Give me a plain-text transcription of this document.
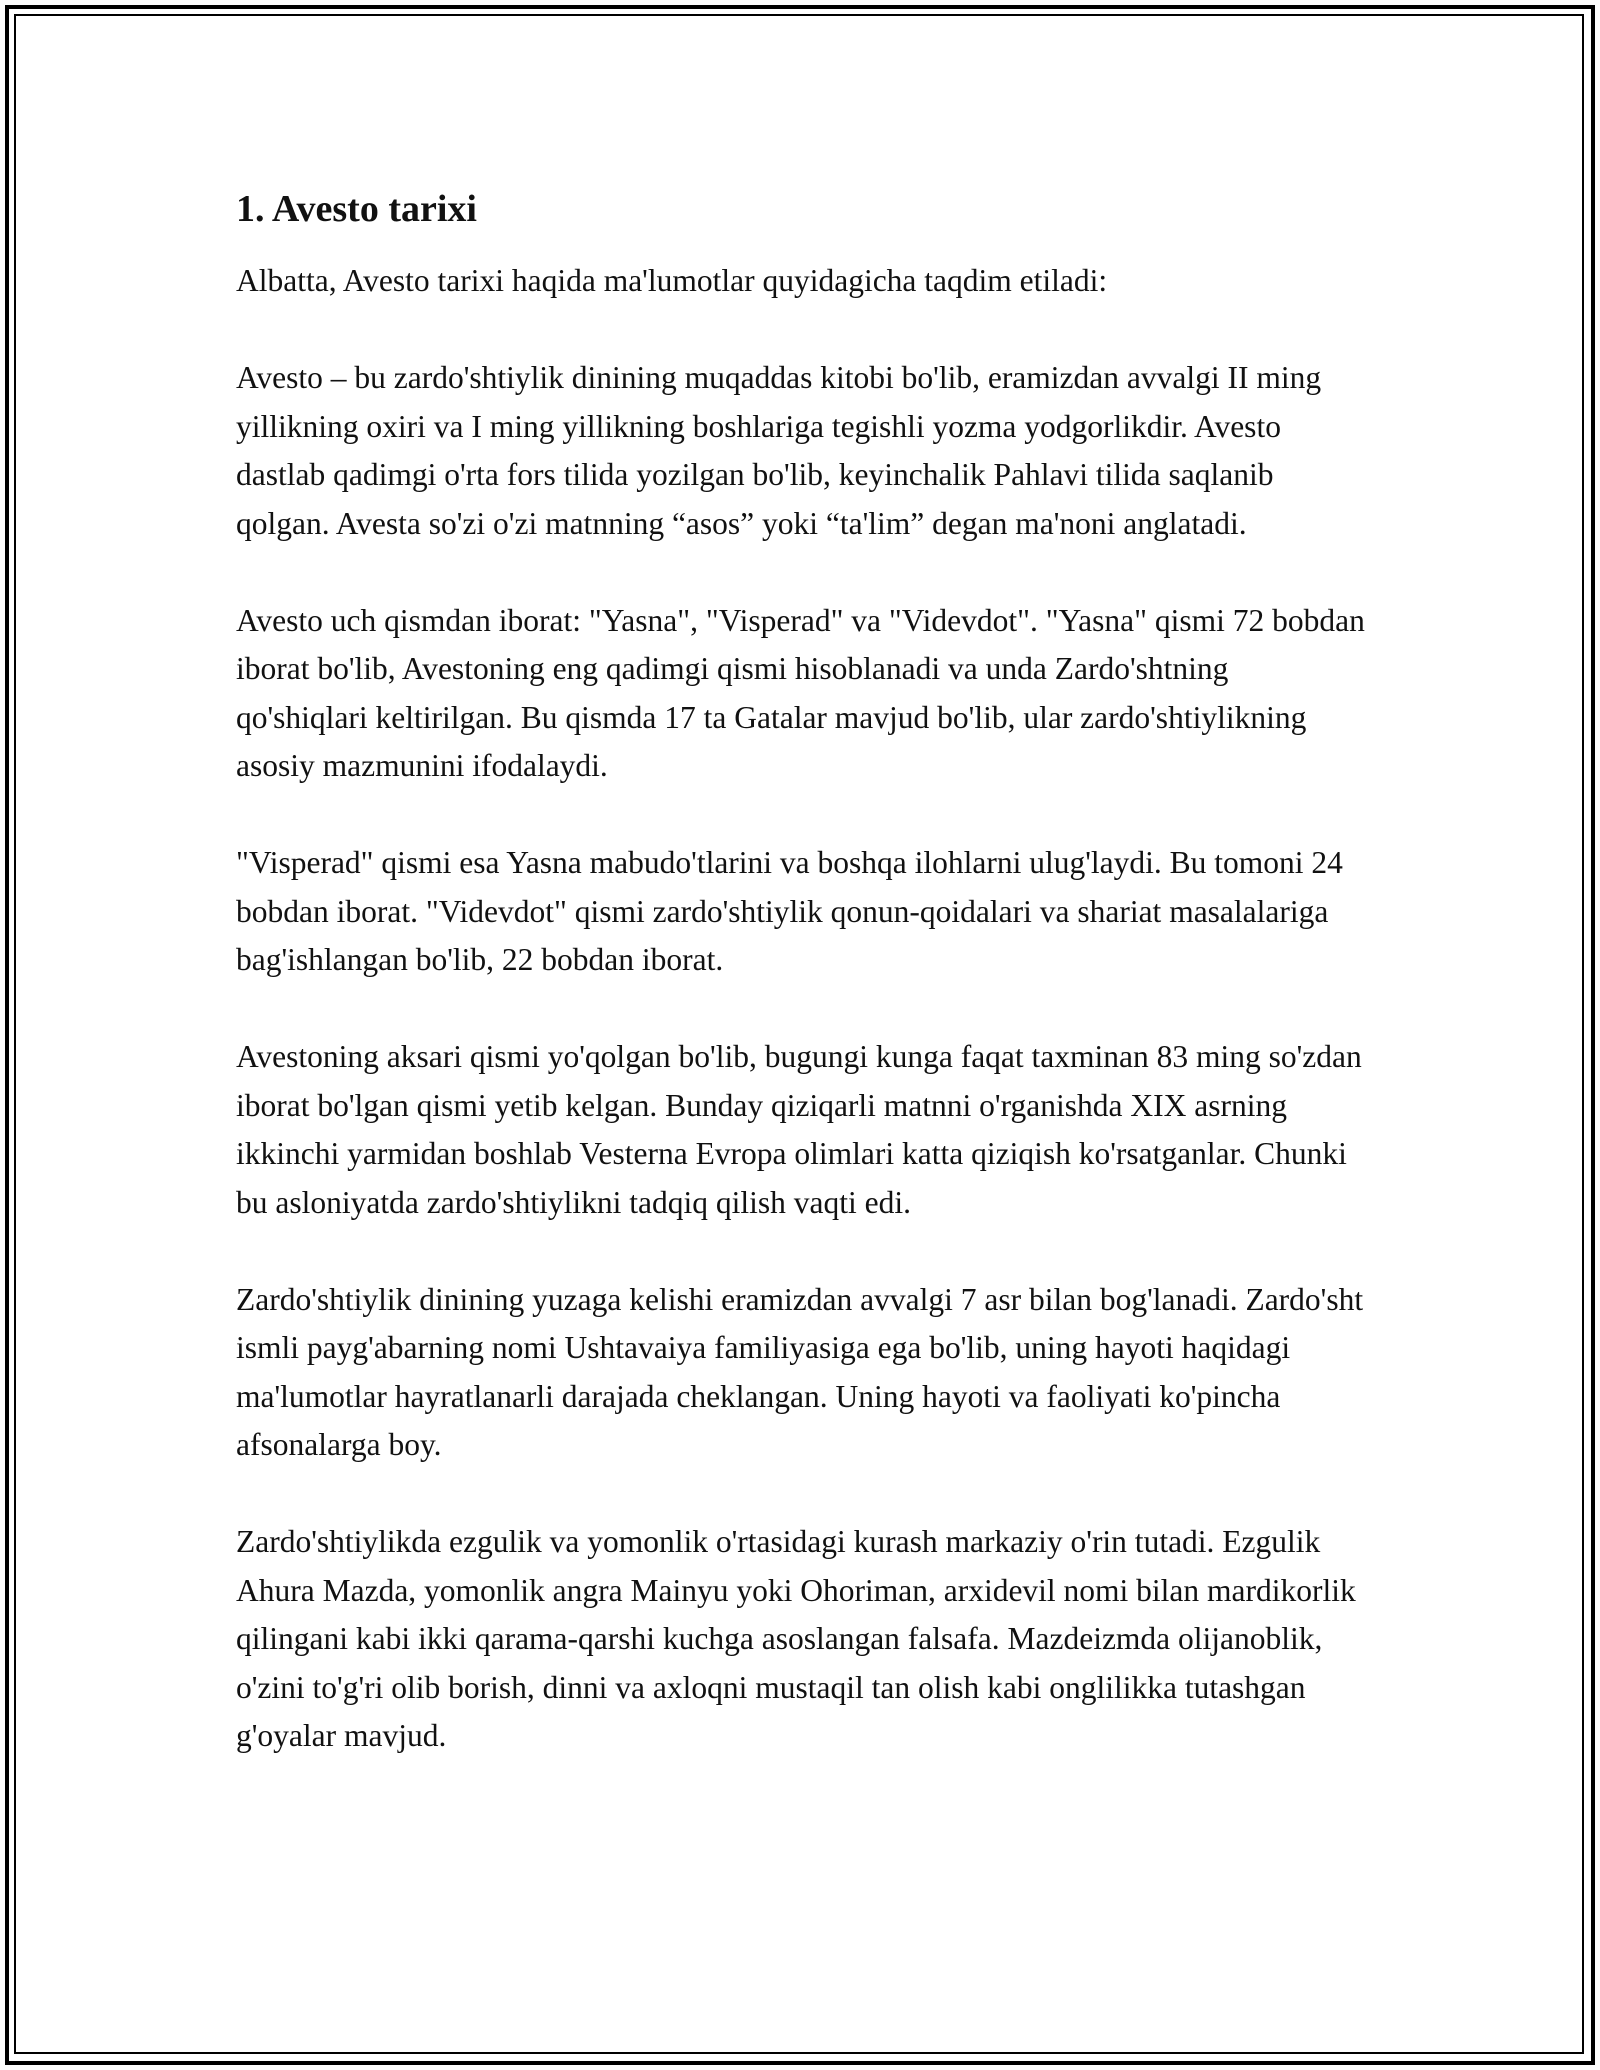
1. Avesto tarixi

Albatta, Avesto tarixi haqida ma'lumotlar quyidagicha taqdim etiladi:

Avesto – bu zardo'shtiylik dinining muqaddas kitobi bo'lib, eramizdan avvalgi II ming yillikning oxiri va I ming yillikning boshlariga tegishli yozma yodgorlikdir. Avesto dastlab qadimgi o'rta fors tilida yozilgan bo'lib, keyinchalik Pahlavi tilida saqlanib qolgan. Avesta so'zi o'zi matnning “asos” yoki “ta'lim” degan ma'noni anglatadi.

Avesto uch qismdan iborat: "Yasna", "Visperad" va "Videvdot". "Yasna" qismi 72 bobdan iborat bo'lib, Avestoning eng qadimgi qismi hisoblanadi va unda Zardo'shtning qo'shiqlari keltirilgan. Bu qismda 17 ta Gatalar mavjud bo'lib, ular zardo'shtiylikning asosiy mazmunini ifodalaydi.

"Visperad" qismi esa Yasna mabudo'tlarini va boshqa ilohlarni ulug'laydi. Bu tomoni 24 bobdan iborat. "Videvdot" qismi zardo'shtiylik qonun-qoidalari va shariat masalalariga bag'ishlangan bo'lib, 22 bobdan iborat.

Avestoning aksari qismi yo'qolgan bo'lib, bugungi kunga faqat taxminan 83 ming so'zdan iborat bo'lgan qismi yetib kelgan. Bunday qiziqarli matnni o'rganishda XIX asrning ikkinchi yarmidan boshlab Vesterna Evropa olimlari katta qiziqish ko'rsatganlar. Chunki bu asloniyatda zardo'shtiylikni tadqiq qilish vaqti edi.

Zardo'shtiylik dinining yuzaga kelishi eramizdan avvalgi 7 asr bilan bog'lanadi. Zardo'sht ismli payg'abarning nomi Ushtavaiya familiyasiga ega bo'lib, uning hayoti haqidagi ma'lumotlar hayratlanarli darajada cheklangan. Uning hayoti va faoliyati ko'pincha afsonalarga boy.

Zardo'shtiylikda ezgulik va yomonlik o'rtasidagi kurash markaziy o'rin tutadi. Ezgulik Ahura Mazda, yomonlik angra Mainyu yoki Ohoriman, arxidevil nomi bilan mardikorlik qilingani kabi ikki qarama-qarshi kuchga asoslangan falsafa. Mazdeizmda olijanoblik, o'zini to'g'ri olib borish, dinni va axloqni mustaqil tan olish kabi onglilikka tutashgan g'oyalar mavjud.
